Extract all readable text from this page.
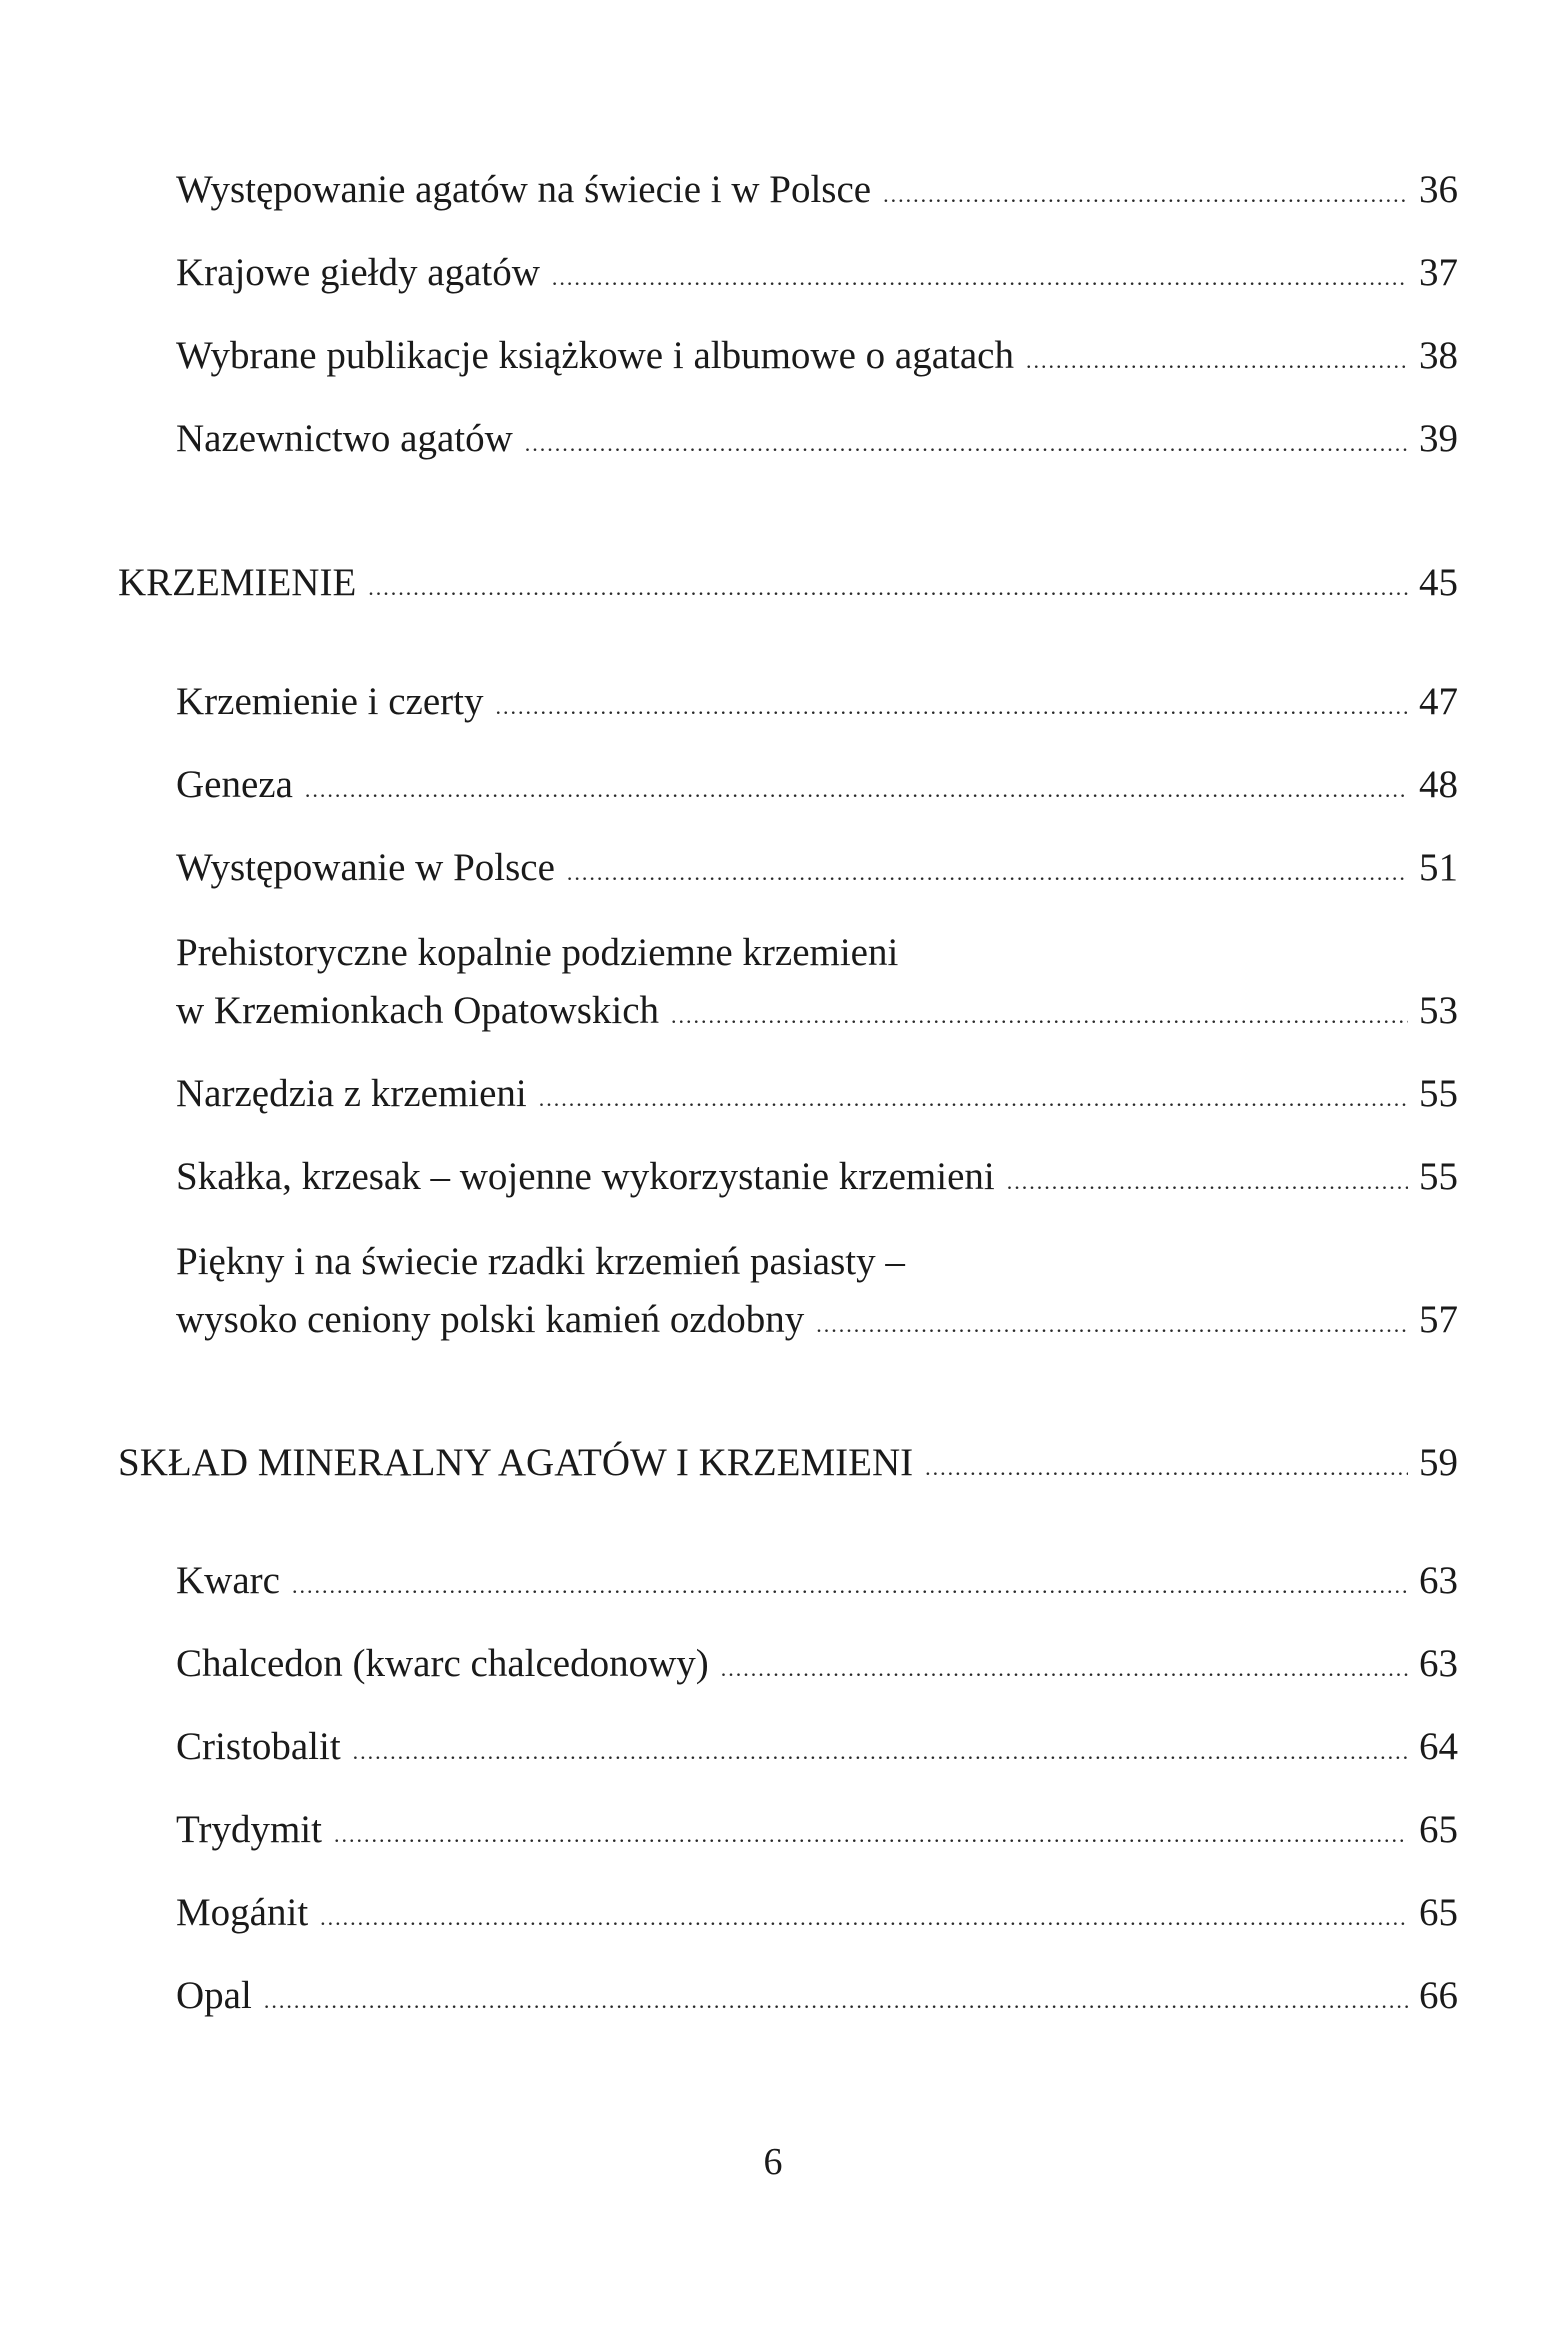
Występowanie agatów na świecie i w Polsce .....	36
Krajowe giełdy agatów .....	37
Wybrane publikacje książkowe i albumowe o agatach .....	38
Nazewnictwo agatów .....	39
KRZEMIENIE .....	45
Krzemienie i czerty .....	47
Geneza .....	48
Występowanie w Polsce .....	51
Prehistoryczne kopalnie podziemne krzemieni
w Krzemionkach Opatowskich .....	53
Narzędzia z krzemieni .....	55
Skałka, krzesak – wojenne wykorzystanie krzemieni .....	55
Piękny i na świecie rzadki krzemień pasiasty –
wysoko ceniony polski kamień ozdobny .....	57
SKŁAD MINERALNY AGATÓW I KRZEMIENI .....	59
Kwarc .....	63
Chalcedon (kwarc chalcedonowy) .....	63
Cristobalit .....	64
Trydymit .....	65
Mogánit .....	65
Opal .....	66
6
